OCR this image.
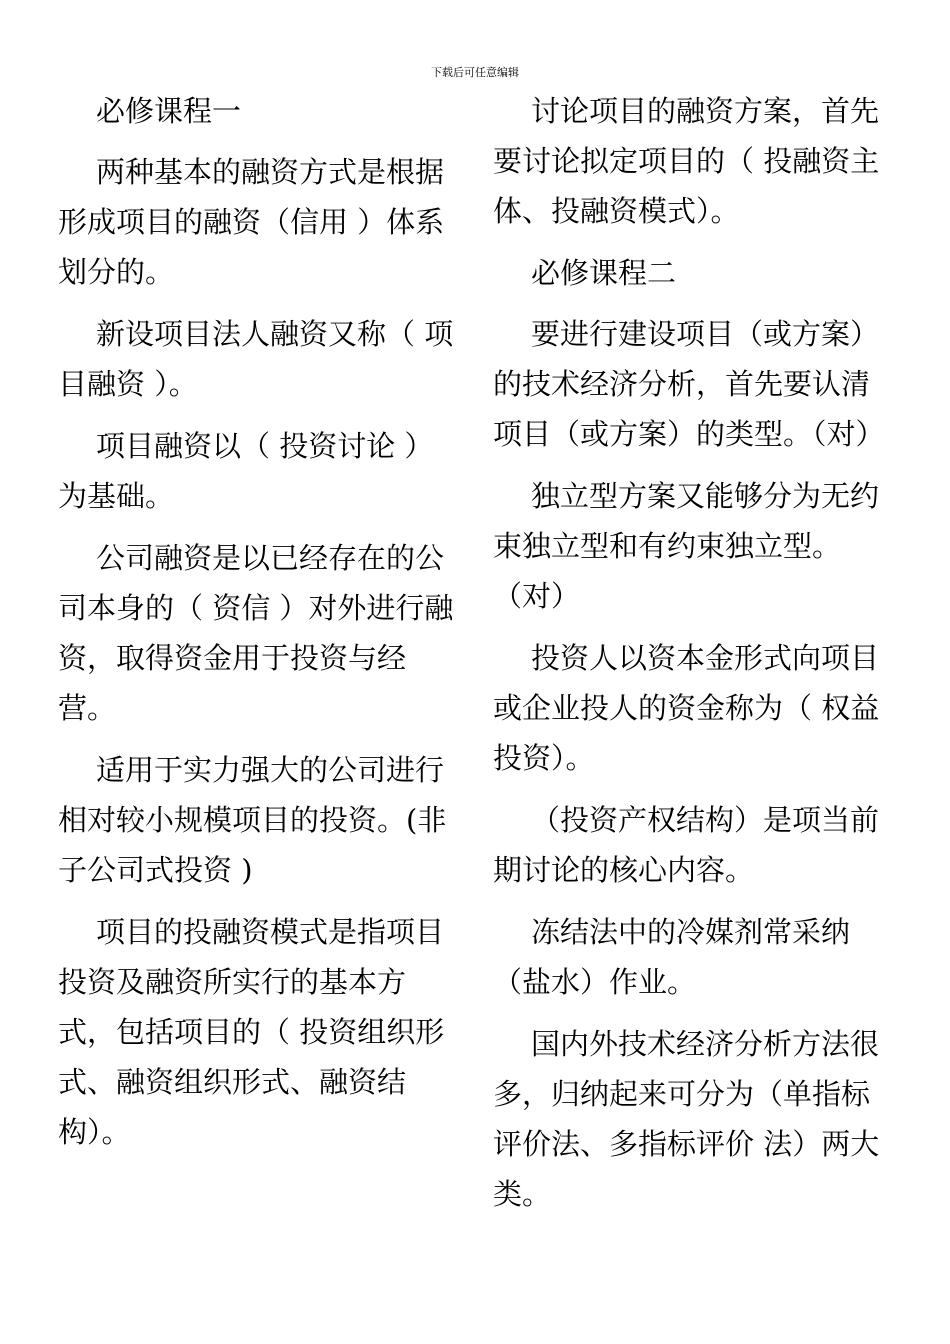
下载后可任意编辑

必修课程一

两种基本的融资方式是根据形成项目的融资（信用 ）体系划分的。

新设项目法人融资又称（ 项目融资 ）。

项目融资以（ 投资讨论 ）为基础。

公司融资是以已经存在的公司本身的（ 资信 ）对外进行融资，取得资金用于投资与经营。

适用于实力强大的公司进行相对较小规模项目的投资。(非子公司式投资 )

项目的投融资模式是指项目投资及融资所实行的基本方式，包括项目的（ 投资组织形式、融资组织形式、融资结构）。

讨论项目的融资方案，首先要讨论拟定项目的（ 投融资主体、投融资模式）。

必修课程二

要进行建设项目（或方案）的技术经济分析，首先要认清项目（或方案）的类型。（对）

独立型方案又能够分为无约束独立型和有约束独立型。（对）

投资人以资本金形式向项目或企业投人的资金称为（ 权益投资）。

（投资产权结构）是项当前期讨论的核心内容。

冻结法中的冷媒剂常采纳（盐水）作业。

国内外技术经济分析方法很多，归纳起来可分为（单指标评价法、多指标评价 法）两大类。
